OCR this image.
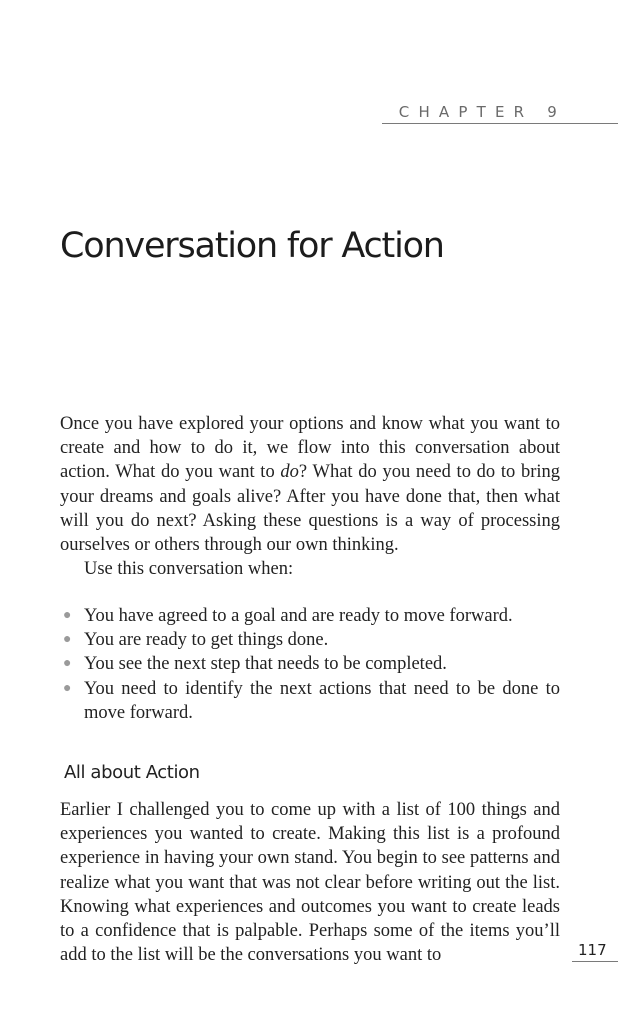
CHAPTER 9
Conversation for Action

Once you have explored your options and know what you want to create and how to do it, we flow into this conversation about action. What do you want to do? What do you need to do to bring your dreams and goals alive? After you have done that, then what will you do next? Asking these questions is a way of processing ourselves or others through our own thinking.

Use this conversation when:

● You have agreed to a goal and are ready to move forward.
● You are ready to get things done.
● You see the next step that needs to be completed.
● You need to identify the next actions that need to be done to move forward.
All about Action

Earlier I challenged you to come up with a list of 100 things and experiences you wanted to create. Making this list is a profound experience in having your own stand. You begin to see patterns and realize what you want that was not clear before writing out the list. Knowing what experiences and outcomes you want to create leads to a confidence that is palpable. Perhaps some of the items you’ll add to the list will be the conversations you want to	117
